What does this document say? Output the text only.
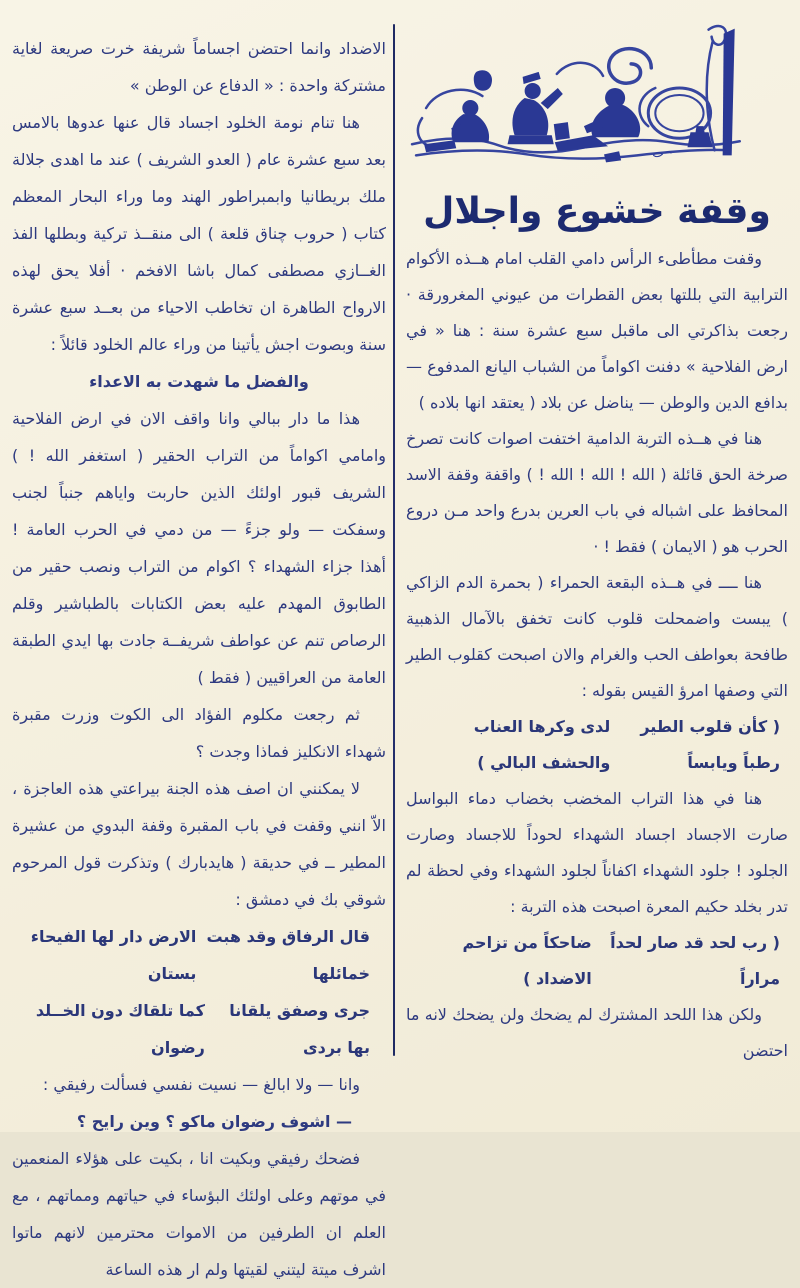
وقفة خشوع واجلال

وقفت مطأطىء الرأس دامي القلب امام هــذه الأكوام الترابية التي بللتها بعض القطرات من عيوني المغرورقة · رجعت بذاكرتي الى ماقبل سبع عشرة سنة : هنا « في ارض الفلاحية » دفنت اكواماً من الشباب اليانع المدفوع — بدافع الدين والوطن — يناضل عن بلاد ( يعتقد انها بلاده )

هنا في هــذه التربة الدامية اختفت اصوات كانت تصرخ صرخة الحق قائلة ( الله ! الله ! الله ! ) واقفة وقفة الاسد المحافظ على اشباله في باب العرين بدرع واحد مـن دروع الحرب هو ( الايمان ) فقط ! ·

هنا ــــ في هــذه البقعة الحمراء ( بحمرة الدم الزاكي ) يبست واضمحلت قلوب كانت تخفق بالآمال الذهبية طافحة بعواطف الحب والغرام والان اصبحت كقلوب الطير التي وصفها امرؤ القيس بقوله :

( كأن قلوب الطير رطباً ويابساً
لدى وكرها العناب والحشف البالي )

هنا في هذا التراب المخضب بخضاب دماء البواسل صارت الاجساد اجساد الشهداء لحوداً للاجساد وصارت الجلود ! جلود الشهداء اكفاناً لجلود الشهداء وفي لحظة لم تدر بخلد حكيم المعرة اصبحت هذه التربة :

( رب لحد قد صار لحداً مراراً
ضاحكاً من تزاحم الاضداد )

ولكن هذا اللحد المشترك لم يضحك ولن يضحك لانه ما احتضن

الاضداد وانما احتضن اجساماً شريفة خرت صريعة لغاية مشتركة واحدة : « الدفاع عن الوطن »

هنا تنام نومة الخلود اجساد قال عنها عدوها بالامس بعد سبع عشرة عام ( العدو الشريف ) عند ما اهدى جلالة ملك بريطانيا وابمبراطور الهند وما وراء البحار المعظم كتاب ( حروب چناق قلعة ) الى منقــذ تركية وبطلها الفذ الغــازي مصطفى كمال باشا الافخم · أفلا يحق لهذه الارواح الطاهرة ان تخاطب الاحياء من بعــد سبع عشرة سنة وبصوت اجش يأتينا من وراء عالم الخلود قائلاً :

والفضل ما شهدت به الاعداء

هذا ما دار ببالي وانا واقف الان في ارض الفلاحية وامامي اكواماً من التراب الحقير ( استغفر الله ! ) الشريف قبور اولئك الذين حاربت واياهم جنباً لجنب وسفكت — ولو جزءً — من دمي في الحرب العامة ! أهذا جزاء الشهداء ؟ اكوام من التراب ونصب حقير من الطابوق المهدم عليه بعض الكتابات بالطباشير وقلم الرصاص تنم عن عواطف شريفــة جادت بها ايدي الطبقة العامة من العراقيين ( فقط )

ثم رجعت مكلوم الفؤاد الى الكوت وزرت مقبرة شهداء الانكليز فماذا وجدت ؟

لا يمكنني ان اصف هذه الجنة بيراعتي هذه العاجزة ، الاّ انني وقفت في باب المقبرة وقفة البدوي من عشيرة المطير ــ في حديقة ( هايدبارك ) وتذكرت قول المرحوم شوقي بك في دمشق :

قال الرفاق وقد هبت خمائلها
الارض دار لها الفيحاء بستان
جرى وصفق يلقانا بها بردى
كما تلقاك دون الخــلد رضوان

وانا — ولا ابالغ — نسيت نفسي فسألت رفيقي :

— اشوف رضوان ماكو ؟ وين رايح ؟

فضحك رفيقي وبكيت انا ، بكيت على هؤلاء المنعمين في موتهم وعلى اولئك البؤساء في حياتهم ومماتهم ، مع العلم ان الطرفين من الاموات محترمين لانهم ماتوا اشرف ميتة ليتني لقيتها ولم ار هذه الساعة
